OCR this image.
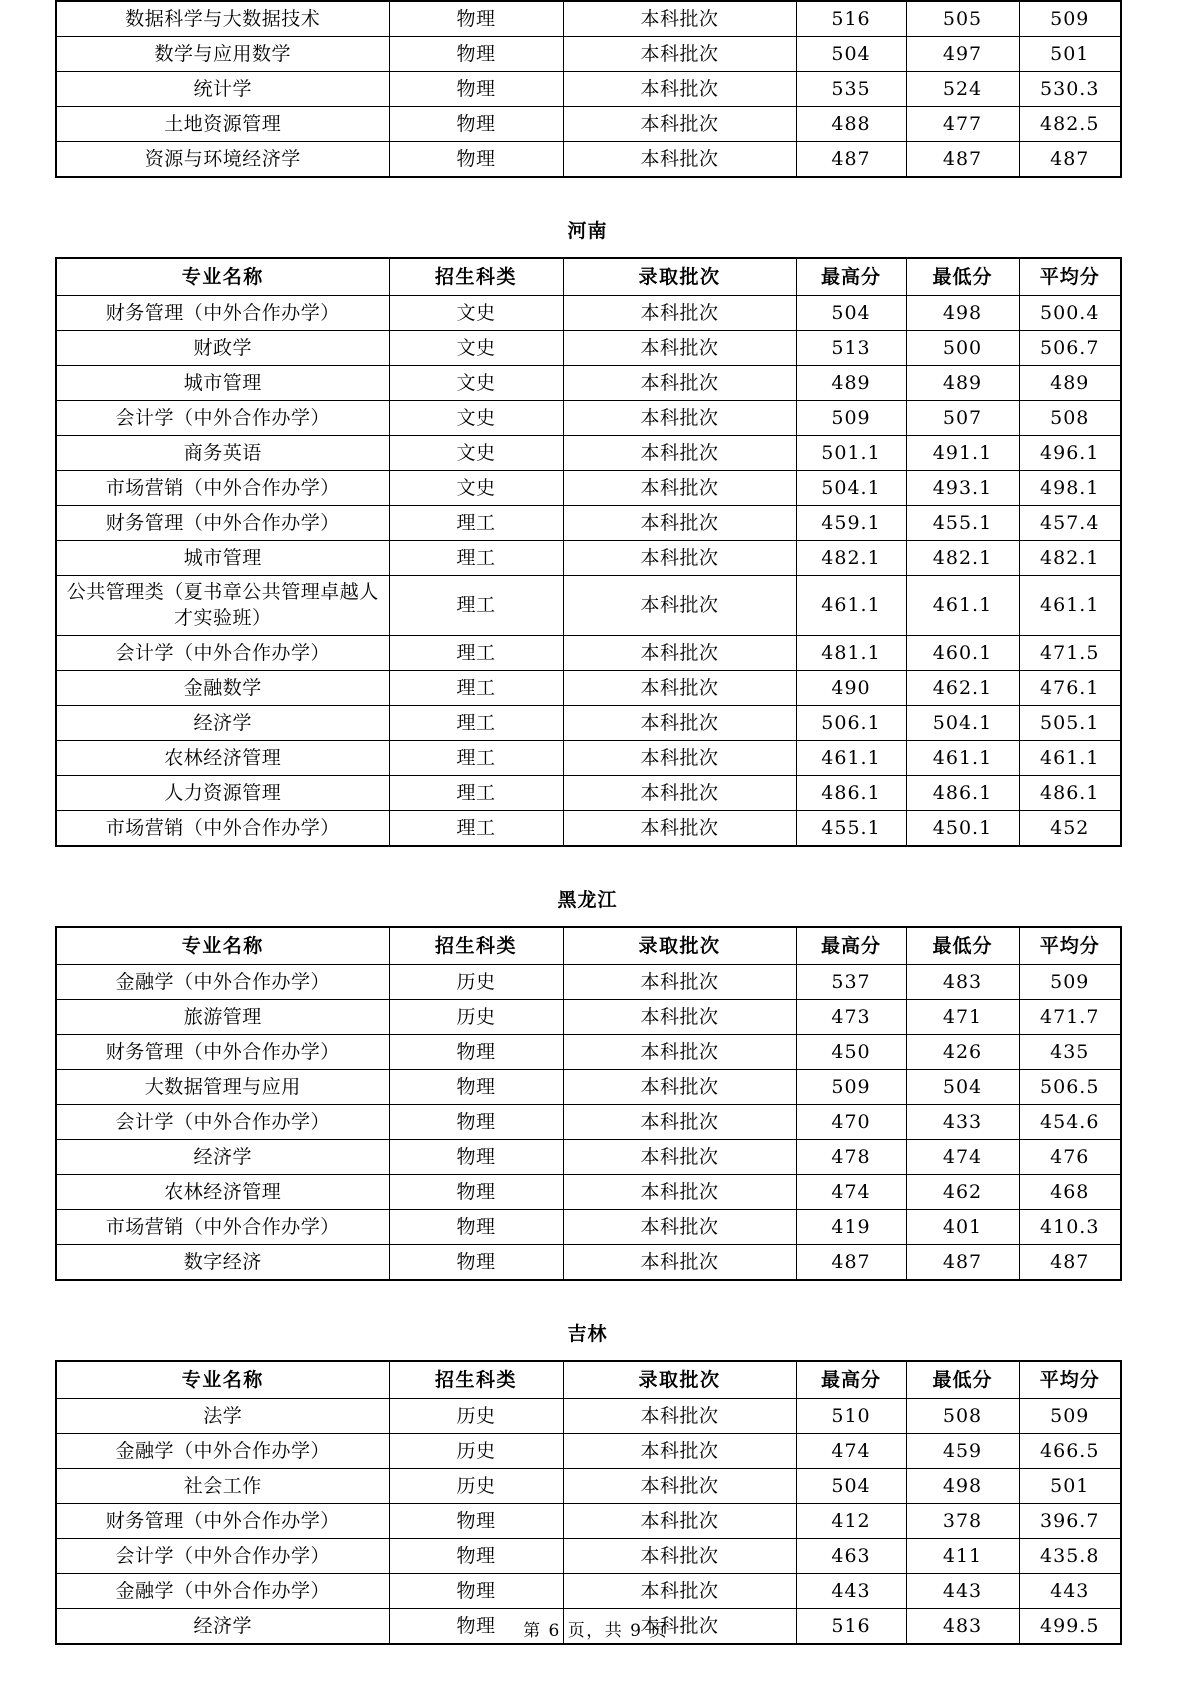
数据科学与大数据技术	物理	本科批次	516	505	509
数学与应用数学	物理	本科批次	504	497	501
统计学	物理	本科批次	535	524	530.3
土地资源管理	物理	本科批次	488	477	482.5
资源与环境经济学	物理	本科批次	487	487	487
河南
专业名称	招生科类	录取批次	最高分	最低分	平均分
财务管理（中外合作办学）	文史	本科批次	504	498	500.4
财政学	文史	本科批次	513	500	506.7
城市管理	文史	本科批次	489	489	489
会计学（中外合作办学）	文史	本科批次	509	507	508
商务英语	文史	本科批次	501.1	491.1	496.1
市场营销（中外合作办学）	文史	本科批次	504.1	493.1	498.1
财务管理（中外合作办学）	理工	本科批次	459.1	455.1	457.4
城市管理	理工	本科批次	482.1	482.1	482.1
公共管理类（夏书章公共管理卓越人才实验班）	理工	本科批次	461.1	461.1	461.1
会计学（中外合作办学）	理工	本科批次	481.1	460.1	471.5
金融数学	理工	本科批次	490	462.1	476.1
经济学	理工	本科批次	506.1	504.1	505.1
农林经济管理	理工	本科批次	461.1	461.1	461.1
人力资源管理	理工	本科批次	486.1	486.1	486.1
市场营销（中外合作办学）	理工	本科批次	455.1	450.1	452
黑龙江
专业名称	招生科类	录取批次	最高分	最低分	平均分
金融学（中外合作办学）	历史	本科批次	537	483	509
旅游管理	历史	本科批次	473	471	471.7
财务管理（中外合作办学）	物理	本科批次	450	426	435
大数据管理与应用	物理	本科批次	509	504	506.5
会计学（中外合作办学）	物理	本科批次	470	433	454.6
经济学	物理	本科批次	478	474	476
农林经济管理	物理	本科批次	474	462	468
市场营销（中外合作办学）	物理	本科批次	419	401	410.3
数字经济	物理	本科批次	487	487	487
吉林
专业名称	招生科类	录取批次	最高分	最低分	平均分
法学	历史	本科批次	510	508	509
金融学（中外合作办学）	历史	本科批次	474	459	466.5
社会工作	历史	本科批次	504	498	501
财务管理（中外合作办学）	物理	本科批次	412	378	396.7
会计学（中外合作办学）	物理	本科批次	463	411	435.8
金融学（中外合作办学）	物理	本科批次	443	443	443
经济学	物理	本科批次	516	483	499.5
第 6 页，共 9 页
